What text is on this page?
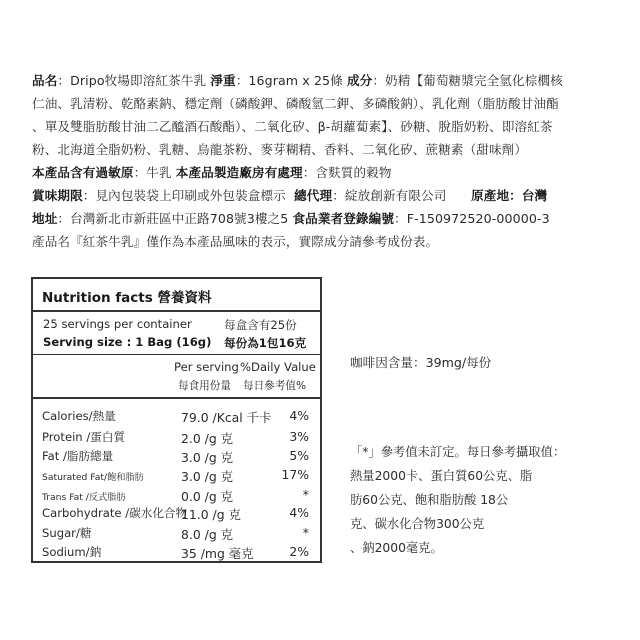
品名：Dripo牧場即溶紅茶牛乳 淨重：16gram x 25條 成分：奶精【葡萄糖漿完全氫化棕櫚核
仁油、乳清粉、乾酪素鈉、穩定劑（磷酸鉀、磷酸氫二鉀、多磷酸鈉）、乳化劑（脂肪酸甘油酯
、單及雙脂肪酸甘油二乙醯酒石酸酯）、二氧化矽、β-胡蘿蔔素】、砂糖、脫脂奶粉、即溶紅茶
粉、北海道全脂奶粉、乳糖、烏龍茶粉、麥芽糊精、香料、二氧化矽、蔗糖素（甜味劑）
本產品含有過敏原：牛乳 本產品製造廠房有處理：含麩質的穀物
賞味期限：見內包裝袋上印刷或外包裝盒標示  總代理：綻放創新有限公司      原產地：台灣
地址：台灣新北市新莊區中正路708號3樓之5 食品業者登錄編號：F-150972520-00000-3
產品名『紅茶牛乳』僅作為本產品風味的表示，實際成分請參考成份表。
Nutrition facts 營養資料
25 servings per container	每盒含有25份
Serving size : 1 Bag (16g) 每份為1包16克
Per serving %Daily Value
每食用份量 每日參考值%
Calories/熱量	79.0 /Kcal 千卡 4%
Protein /蛋白質	2.0 /g 克	3%
Fat /脂肪總量	3.0 /g 克	5%
Saturated Fat/飽和脂肪	3.0 /g 克	17%
Trans Fat /反式脂肪	0.0 /g 克	*
Carbohydrate /碳水化合物
11.0 /g 克	4%
Sugar/糖	8.0 /g 克	*
Sodium/鈉	35 /mg 毫克	2%
咖啡因含量：39mg/每份
「*」參考值未訂定。每日參考攝取值：
熱量2000卡、蛋白質60公克、脂
肪60公克、飽和脂肪酸 18公
克、碳水化合物300公克
、鈉2000毫克。
